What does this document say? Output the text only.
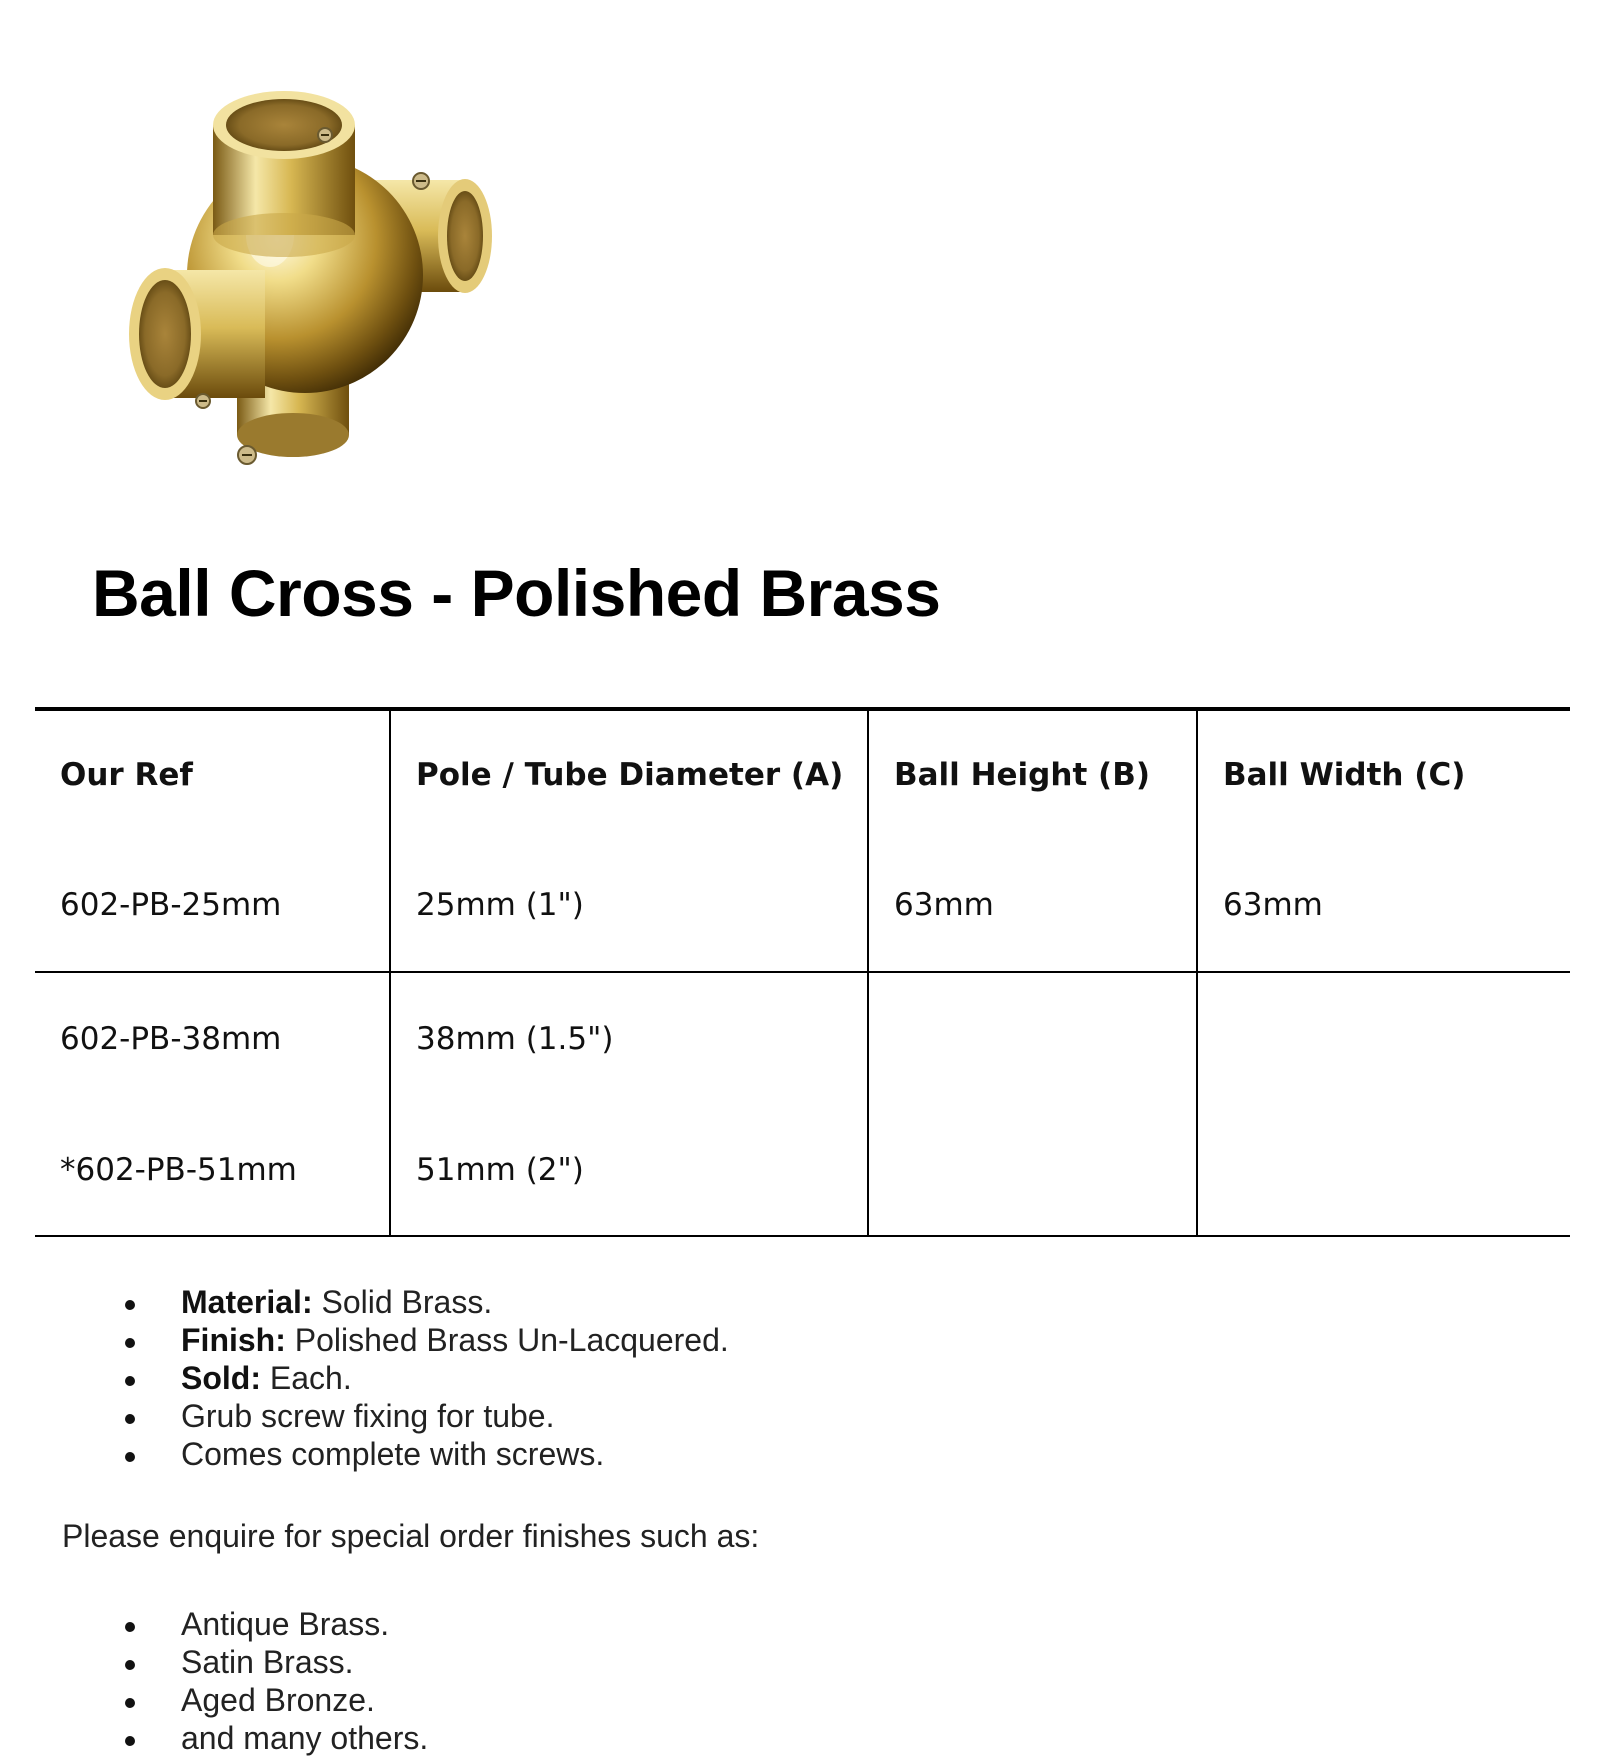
Ball Cross - Polished Brass
Our Ref	Pole / Tube Diameter (A)	Ball Height (B)	Ball Width (C)
602-PB-25mm	25mm (1")	63mm	63mm
602-PB-38mm	38mm (1.5")		
*602-PB-51mm	51mm (2")		
Material: Solid Brass.
Finish: Polished Brass Un-Lacquered.
Sold: Each.
Grub screw fixing for tube.
Comes complete with screws.

Please enquire for special order finishes such as:

Antique Brass.
Satin Brass.
Aged Bronze.
and many others.
